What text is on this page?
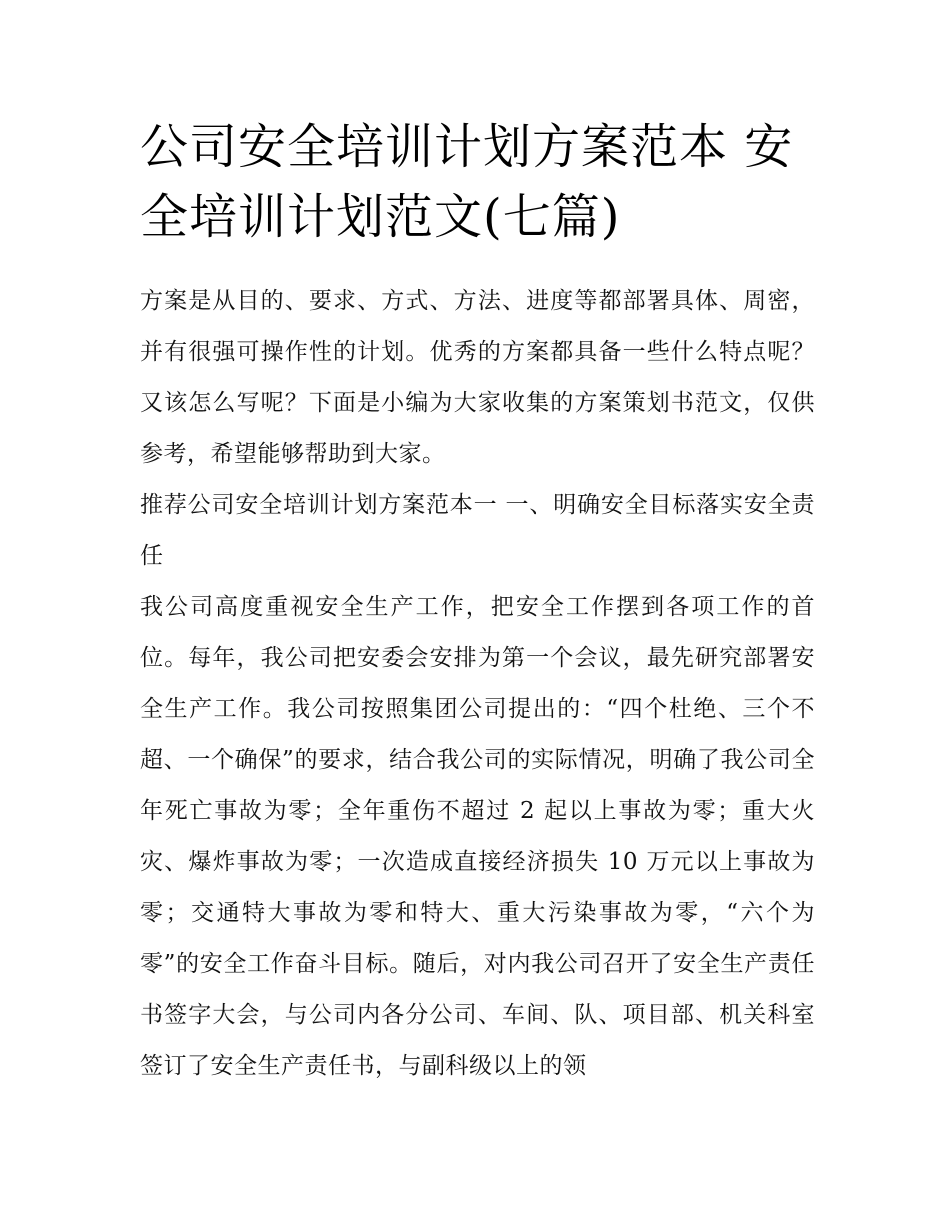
公司安全培训计划方案范本 安全培训计划范文(七篇)

方案是从目的、要求、方式、方法、进度等都部署具体、周密，并有很强可操作性的计划。优秀的方案都具备一些什么特点呢？又该怎么写呢？下面是小编为大家收集的方案策划书范文，仅供参考，希望能够帮助到大家。

推荐公司安全培训计划方案范本一 一、明确安全目标落实安全责任

我公司高度重视安全生产工作，把安全工作摆到各项工作的首位。每年，我公司把安委会安排为第一个会议，最先研究部署安全生产工作。我公司按照集团公司提出的：“四个杜绝、三个不超、一个确保”的要求，结合我公司的实际情况，明确了我公司全年死亡事故为零；全年重伤不超过 2 起以上事故为零；重大火灾、爆炸事故为零；一次造成直接经济损失 10 万元以上事故为零；交通特大事故为零和特大、重大污染事故为零，“六个为零”的安全工作奋斗目标。随后，对内我公司召开了安全生产责任书签字大会，与公司内各分公司、车间、队、项目部、机关科室签订了安全生产责任书，与副科级以上的领
